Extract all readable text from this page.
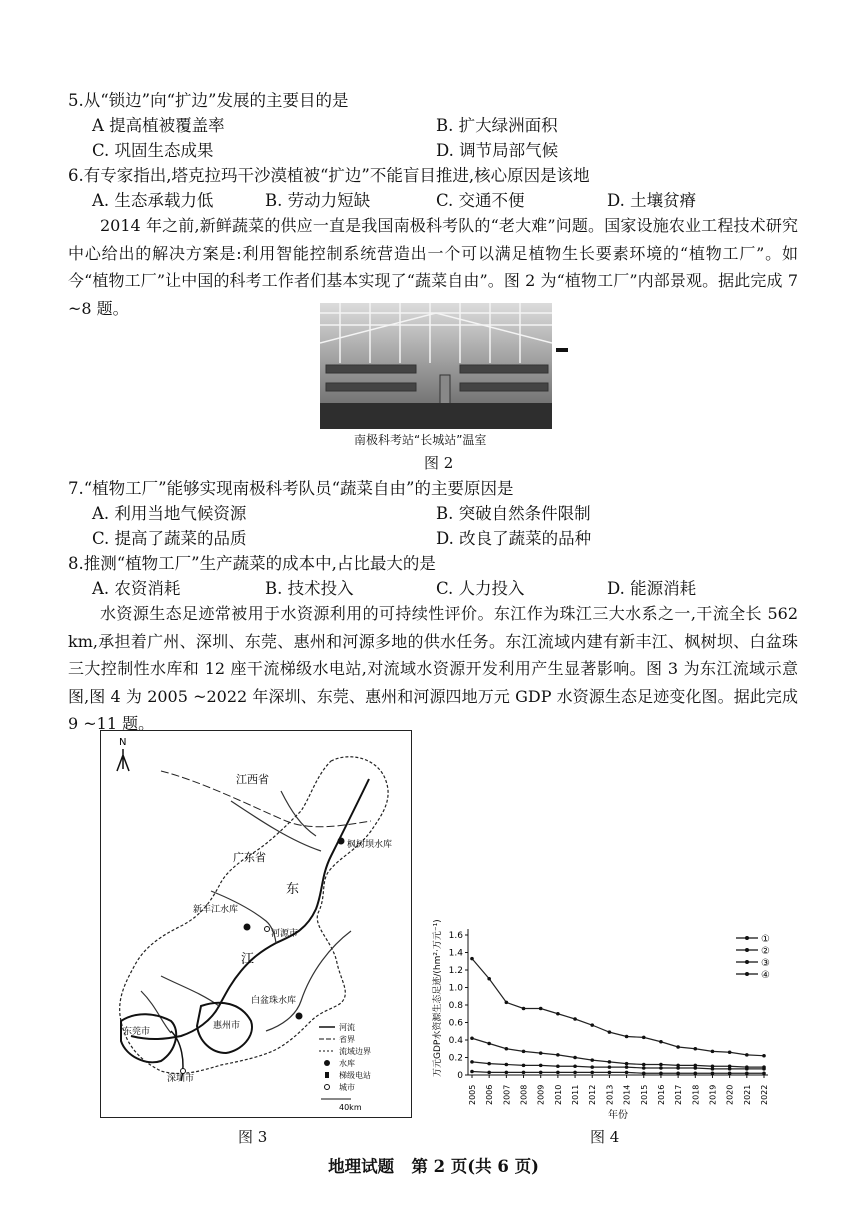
5.从“锁边”向“扩边”发展的主要目的是
A 提高植被覆盖率	B. 扩大绿洲面积
C. 巩固生态成果	D. 调节局部气候
6.有专家指出,塔克拉玛干沙漠植被“扩边”不能盲目推进,核心原因是该地
A. 生态承载力低	B. 劳动力短缺	C. 交通不便	D. 土壤贫瘠
2014 年之前,新鲜蔬菜的供应一直是我国南极科考队的“老大难”问题。国家设施农业工程技术研究中心给出的解决方案是:利用智能控制系统营造出一个可以满足植物生长要素环境的“植物工厂”。如今“植物工厂”让中国的科考工作者们基本实现了“蔬菜自由”。图 2 为“植物工厂”内部景观。据此完成 7 ~8 题。
南极科考站“长城站”温室
图 2
7.“植物工厂”能够实现南极科考队员“蔬菜自由”的主要原因是
A. 利用当地气候资源	B. 突破自然条件限制
C. 提高了蔬菜的品质	D. 改良了蔬菜的品种
8.推测“植物工厂”生产蔬菜的成本中,占比最大的是
A. 农资消耗	B. 技术投入	C. 人力投入	D. 能源消耗
水资源生态足迹常被用于水资源利用的可持续性评价。东江作为珠江三大水系之一,干流全长 562 km,承担着广州、深圳、东莞、惠州和河源多地的供水任务。东江流域内建有新丰江、枫树坝、白盆珠三大控制性水库和 12 座干流梯级水电站,对流域水资源开发利用产生显著影响。图 3 为东江流域示意图,图 4 为 2005 ~2022 年深圳、东莞、惠州和河源四地万元 GDP 水资源生态足迹变化图。据此完成 9 ~11 题。
N
江西省
广东省
枫树坝水库
新丰江水库
河源市
白盆珠水库
惠州市
东莞市
深圳市
东
江
河流
省界
流域边界
水库
梯级电站
城市
40km
图 3
0
0.2
0.4
0.6
0.8
1.0
1.2
1.4
1.6
2005 2006 2007 2008 2009 2010 2011 2012 2013 2014 2015 2016 2017 2018 2019 2020 2021 2022
年份
万元GDP水资源生态足迹/(hm²·万元⁻¹)	①
②
③
④
图 4
地理试题   第 2 页(共 6 页)
